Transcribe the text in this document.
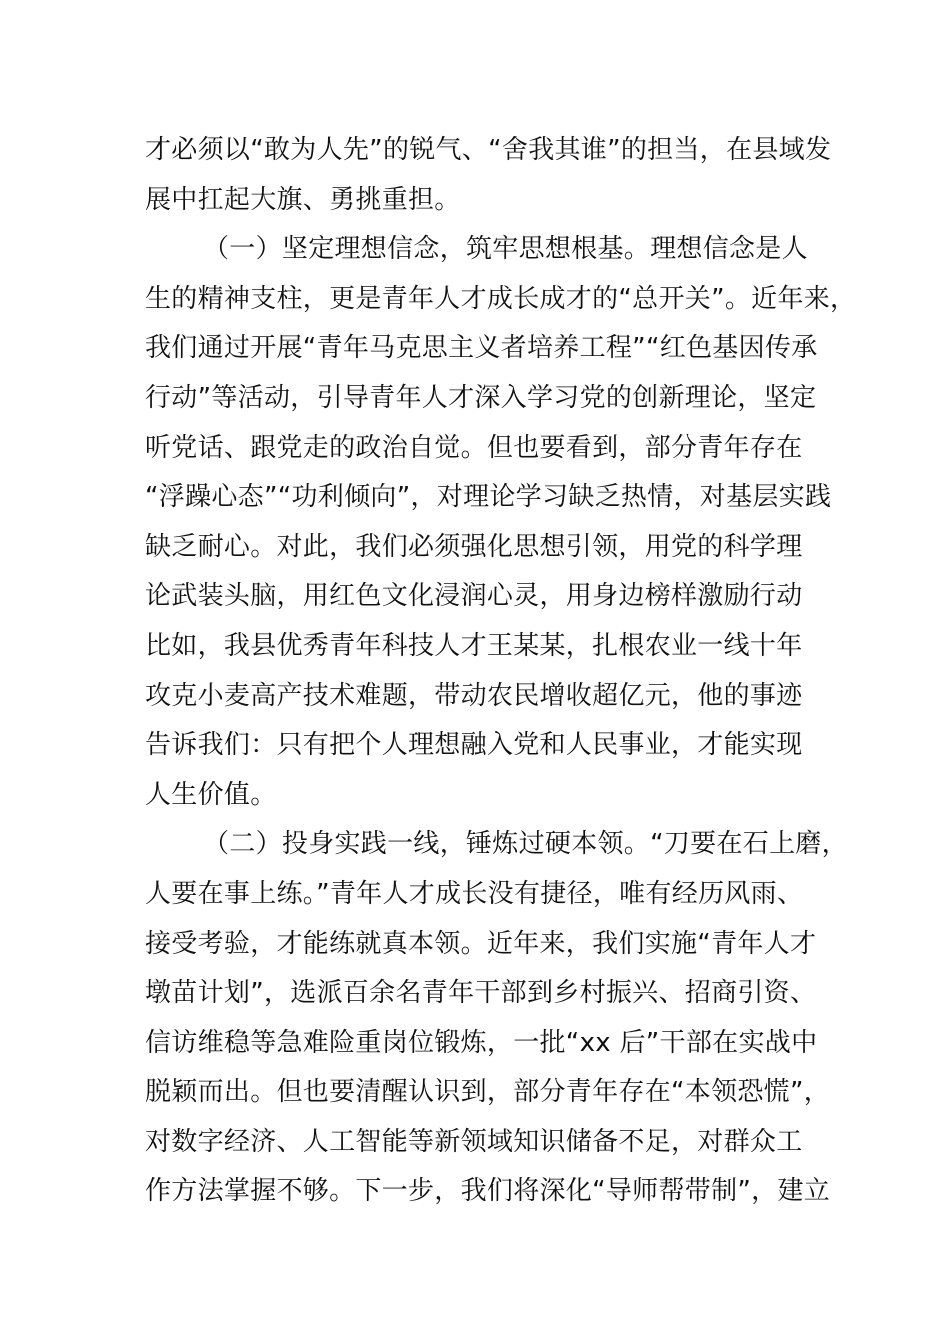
才必须以“敢为人先”的锐气、“舍我其谁”的担当，在县域发
展中扛起大旗、勇挑重担。
（一）坚定理想信念，筑牢思想根基。理想信念是人
生的精神支柱，更是青年人才成长成才的“总开关”。近年来，
我们通过开展“青年马克思主义者培养工程”“红色基因传承
行动”等活动，引导青年人才深入学习党的创新理论，坚定
听党话、跟党走的政治自觉。但也要看到，部分青年存在
“浮躁心态”“功利倾向”，对理论学习缺乏热情，对基层实践
缺乏耐心。对此，我们必须强化思想引领，用党的科学理
论武装头脑，用红色文化浸润心灵，用身边榜样激励行动
比如，我县优秀青年科技人才王某某，扎根农业一线十年
攻克小麦高产技术难题，带动农民增收超亿元，他的事迹
告诉我们：只有把个人理想融入党和人民事业，才能实现
人生价值。
（二）投身实践一线，锤炼过硬本领。“刀要在石上磨，
人要在事上练。”青年人才成长没有捷径，唯有经历风雨、
接受考验，才能练就真本领。近年来，我们实施“青年人才
墩苗计划”，选派百余名青年干部到乡村振兴、招商引资、
信访维稳等急难险重岗位锻炼，一批“xx 后”干部在实战中
脱颖而出。但也要清醒认识到，部分青年存在“本领恐慌”，
对数字经济、人工智能等新领域知识储备不足，对群众工
作方法掌握不够。下一步，我们将深化“导师帮带制”，建立
